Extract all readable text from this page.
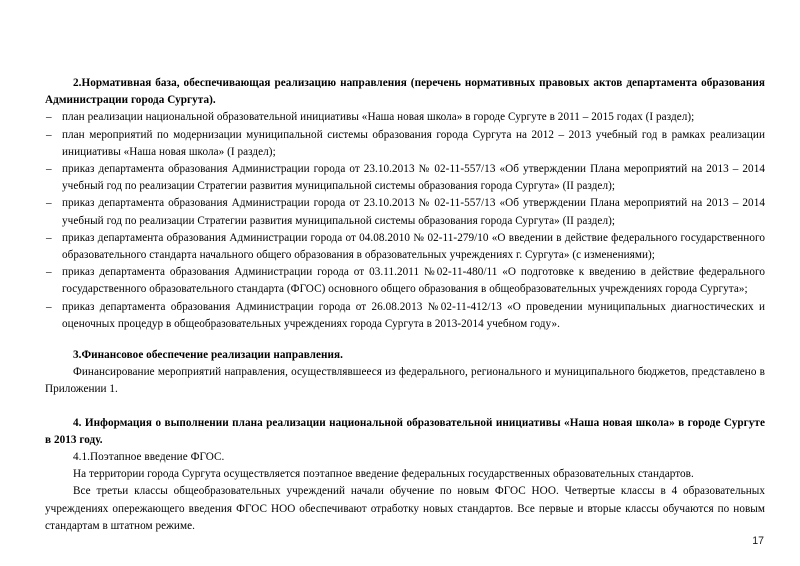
2.Нормативная база, обеспечивающая реализацию направления (перечень нормативных правовых актов департамента образования Администрации города Сургута).

– план реализации национальной образовательной инициативы «Наша новая школа» в городе Сургуте в 2011 – 2015 годах (I раздел);
– план мероприятий по модернизации муниципальной системы образования города Сургута на 2012 – 2013 учебный год в рамках реализации инициативы «Наша новая школа» (I раздел);
– приказ департамента образования Администрации города от 23.10.2013 № 02-11-557/13 «Об утверждении Плана мероприятий на 2013 – 2014 учебный год по реализации Стратегии развития муниципальной системы образования города Сургута» (II раздел);
– приказ департамента образования Администрации города от 23.10.2013 № 02-11-557/13 «Об утверждении Плана мероприятий на 2013 – 2014 учебный год по реализации Стратегии развития муниципальной системы образования города Сургута» (II раздел);
– приказ департамента образования Администрации города от 04.08.2010 № 02-11-279/10 «О введении в действие федерального государственного образовательного стандарта начального общего образования в образовательных учреждениях г. Сургута» (с изменениями);
– приказ департамента образования Администрации города от 03.11.2011 №02-11-480/11 «О подготовке к введению в действие федерального государственного образовательного стандарта (ФГОС) основного общего образования в общеобразовательных учреждениях города Сургута»;
– приказ департамента образования Администрации города от 26.08.2013 №02-11-412/13 «О проведении муниципальных диагностических и оценочных процедур в общеобразовательных учреждениях города Сургута в 2013-2014 учебном году».

3.Финансовое обеспечение реализации направления.

Финансирование мероприятий направления, осуществлявшееся из федерального, регионального и муниципального бюджетов, представлено в Приложении 1.

4. Информация о выполнении плана реализации национальной образовательной инициативы «Наша новая школа» в городе Сургуте в 2013 году.

4.1.Поэтапное введение ФГОС.

На территории города Сургута осуществляется поэтапное введение федеральных государственных образовательных стандартов.

Все третьи классы общеобразовательных учреждений начали обучение по новым ФГОС НОО. Четвертые классы в 4 образовательных учреждениях опережающего введения ФГОС НОО обеспечивают отработку новых стандартов. Все первые и вторые классы обучаются по новым стандартам в штатном режиме.

17
